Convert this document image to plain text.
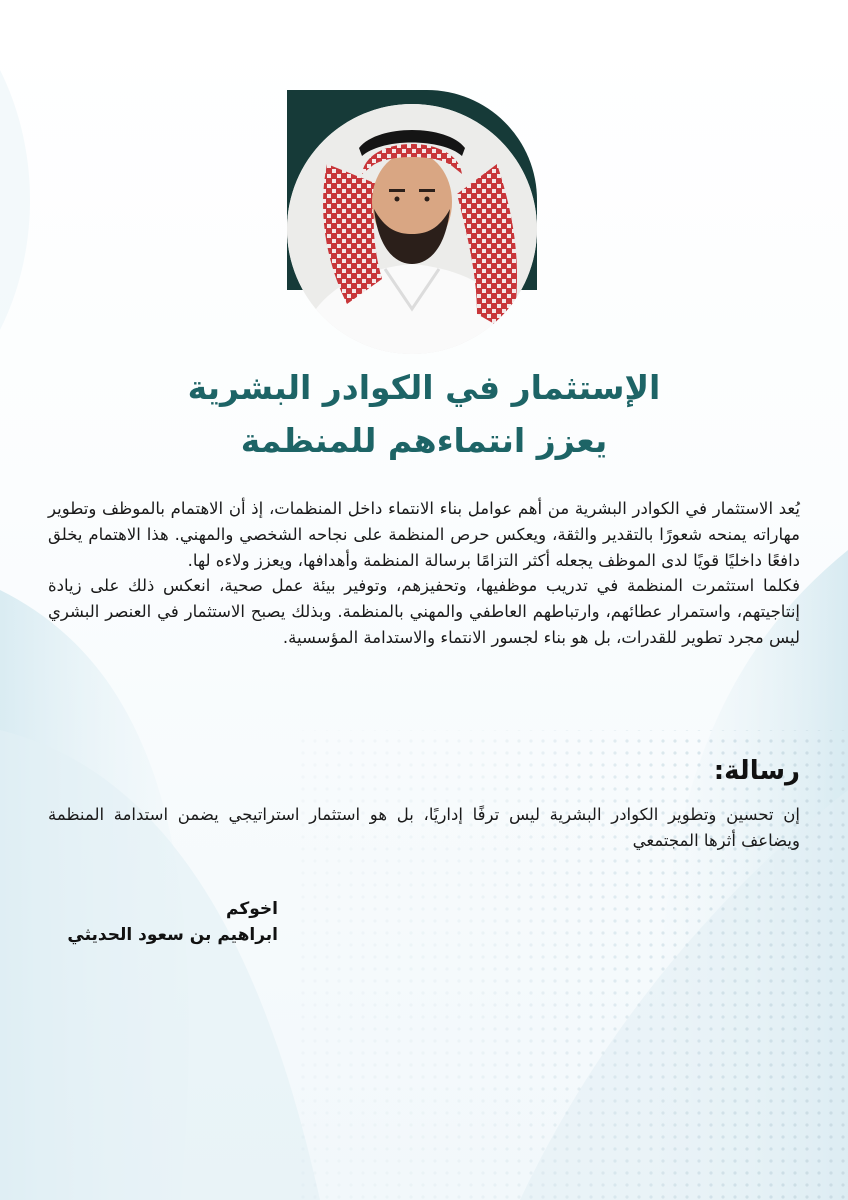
الإستثمار في الكوادر البشرية
يعزز انتماءهم للمنظمة

يُعد الاستثمار في الكوادر البشرية من أهم عوامل بناء الانتماء داخل المنظمات، إذ أن الاهتمام بالموظف وتطوير مهاراته يمنحه شعورًا بالتقدير والثقة، ويعكس حرص المنظمة على نجاحه الشخصي والمهني. هذا الاهتمام يخلق دافعًا داخليًا قويًا لدى الموظف يجعله أكثر التزامًا برسالة المنظمة وأهدافها، ويعزز ولاءه لها.

فكلما استثمرت المنظمة في تدريب موظفيها، وتحفيزهم، وتوفير بيئة عمل صحية، انعكس ذلك على زيادة إنتاجيتهم، واستمرار عطائهم، وارتباطهم العاطفي والمهني بالمنظمة. وبذلك يصبح الاستثمار في العنصر البشري ليس مجرد تطوير للقدرات، بل هو بناء لجسور الانتماء والاستدامة المؤسسية.

رسالة:

إن تحسين وتطوير الكوادر البشرية ليس ترفًا إداريًا، بل هو استثمار استراتيجي يضمن استدامة المنظمة ويضاعف أثرها المجتمعي

اخوكم
ابراهيم بن سعود الحديثي
